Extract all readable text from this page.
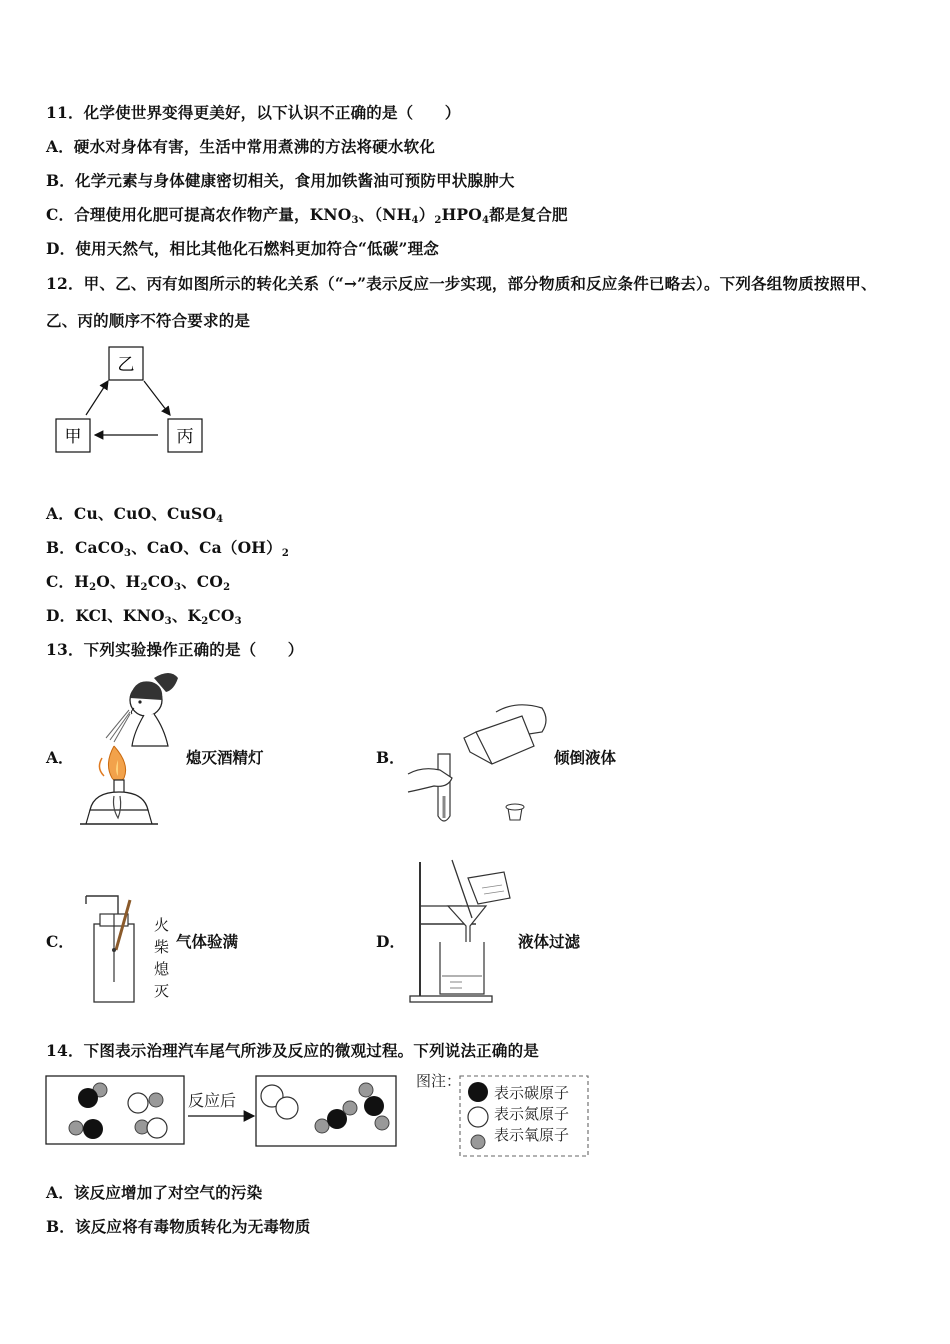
11．化学使世界变得更美好，以下认识不正确的是（　　）
A．硬水对身体有害，生活中常用煮沸的方法将硬水软化
B．化学元素与身体健康密切相关，食用加铁酱油可预防甲状腺肿大
C．合理使用化肥可提高农作物产量，KNO3、（NH4）2HPO4都是复合肥
D．使用天然气，相比其他化石燃料更加符合“低碳”理念
12．甲、乙、丙有如图所示的转化关系（“→”表示反应一步实现，部分物质和反应条件已略去）。下列各组物质按照甲、
乙、丙的顺序不符合要求的是
乙
甲	丙
A．Cu、CuO、CuSO4
B．CaCO3、CaO、Ca（OH）2
C．H2O、H2CO3、CO2
D．KCl、KNO3、K2CO3
13．下列实验操作正确的是（　　）
A．	熄灭酒精灯	B．	倾倒液体
C．
火
柴
熄
灭
气体验满	D．	液体过滤
14．下图表示治理汽车尾气所涉及反应的微观过程。下列说法正确的是
反应后
图注：
表示碳原子
表示氮原子
表示氧原子
A．该反应增加了对空气的污染
B．该反应将有毒物质转化为无毒物质
